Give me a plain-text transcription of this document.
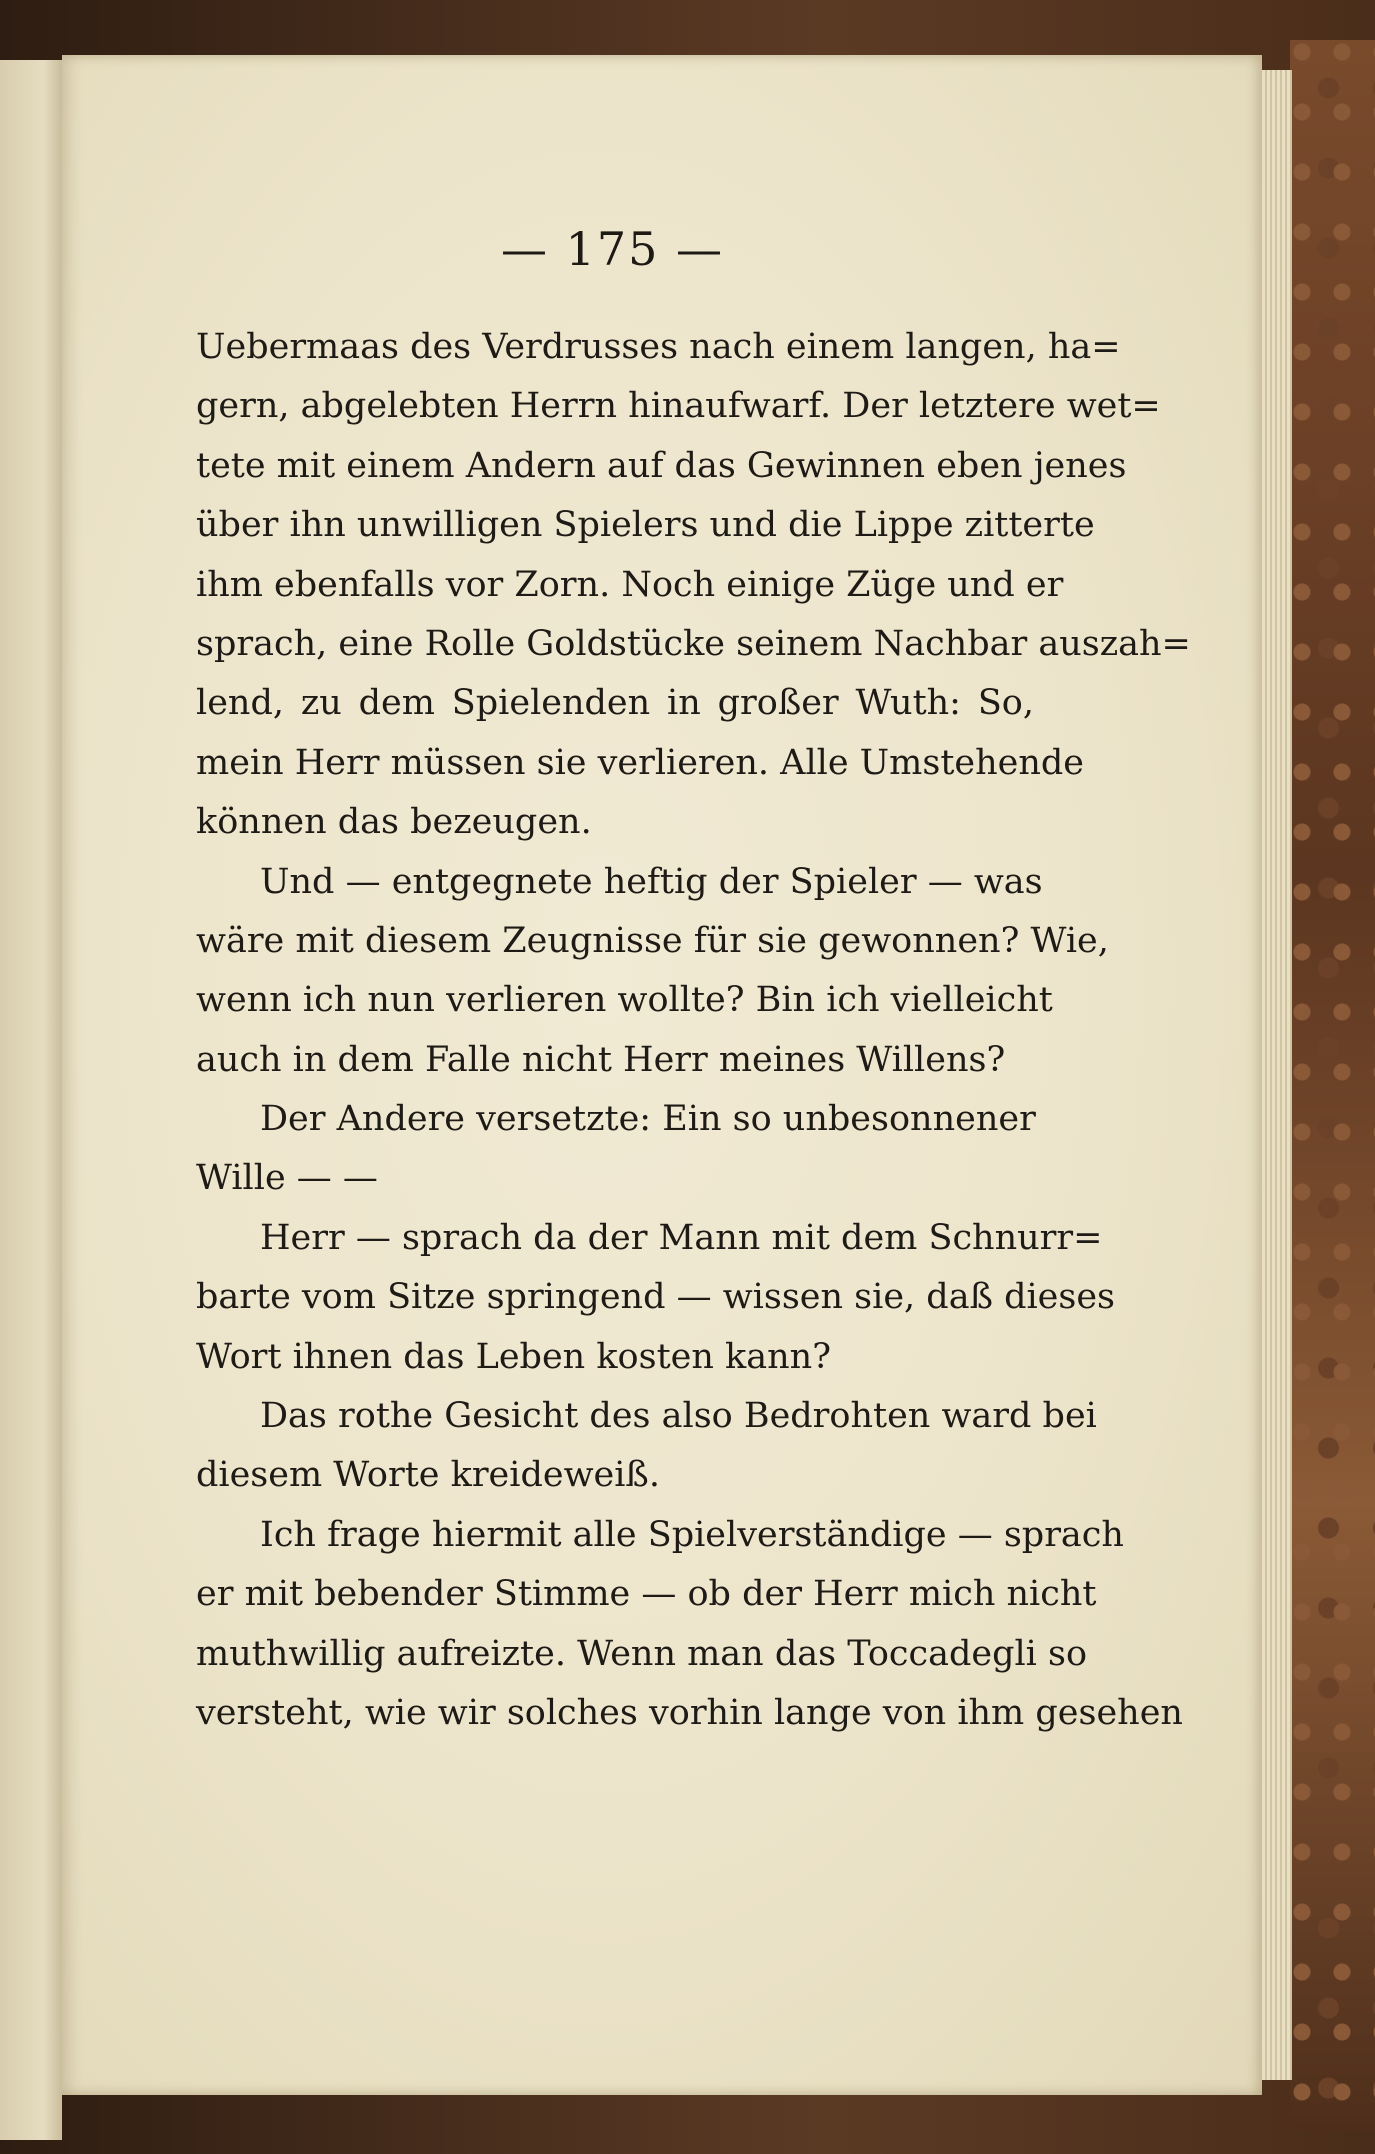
— 175 —
Uebermaas des Verdrusses nach einem langen, ha=
gern, abgelebten Herrn hinaufwarf. Der letztere wet=
tete mit einem Andern auf das Gewinnen eben jenes
über ihn unwilligen Spielers und die Lippe zitterte
ihm ebenfalls vor Zorn. Noch einige Züge und er
sprach, eine Rolle Goldstücke seinem Nachbar auszah=
lend, zu dem Spielenden in großer Wuth: So,
mein Herr müssen sie verlieren. Alle Umstehende
können das bezeugen.
Und — entgegnete heftig der Spieler — was
wäre mit diesem Zeugnisse für sie gewonnen? Wie,
wenn ich nun verlieren wollte? Bin ich vielleicht
auch in dem Falle nicht Herr meines Willens?
Der Andere versetzte: Ein so unbesonnener
Wille — —
Herr — sprach da der Mann mit dem Schnurr=
barte vom Sitze springend — wissen sie, daß dieses
Wort ihnen das Leben kosten kann?
Das rothe Gesicht des also Bedrohten ward bei
diesem Worte kreideweiß.
Ich frage hiermit alle Spielverständige — sprach
er mit bebender Stimme — ob der Herr mich nicht
muthwillig aufreizte. Wenn man das Toccadegli so
versteht, wie wir solches vorhin lange von ihm gesehen
